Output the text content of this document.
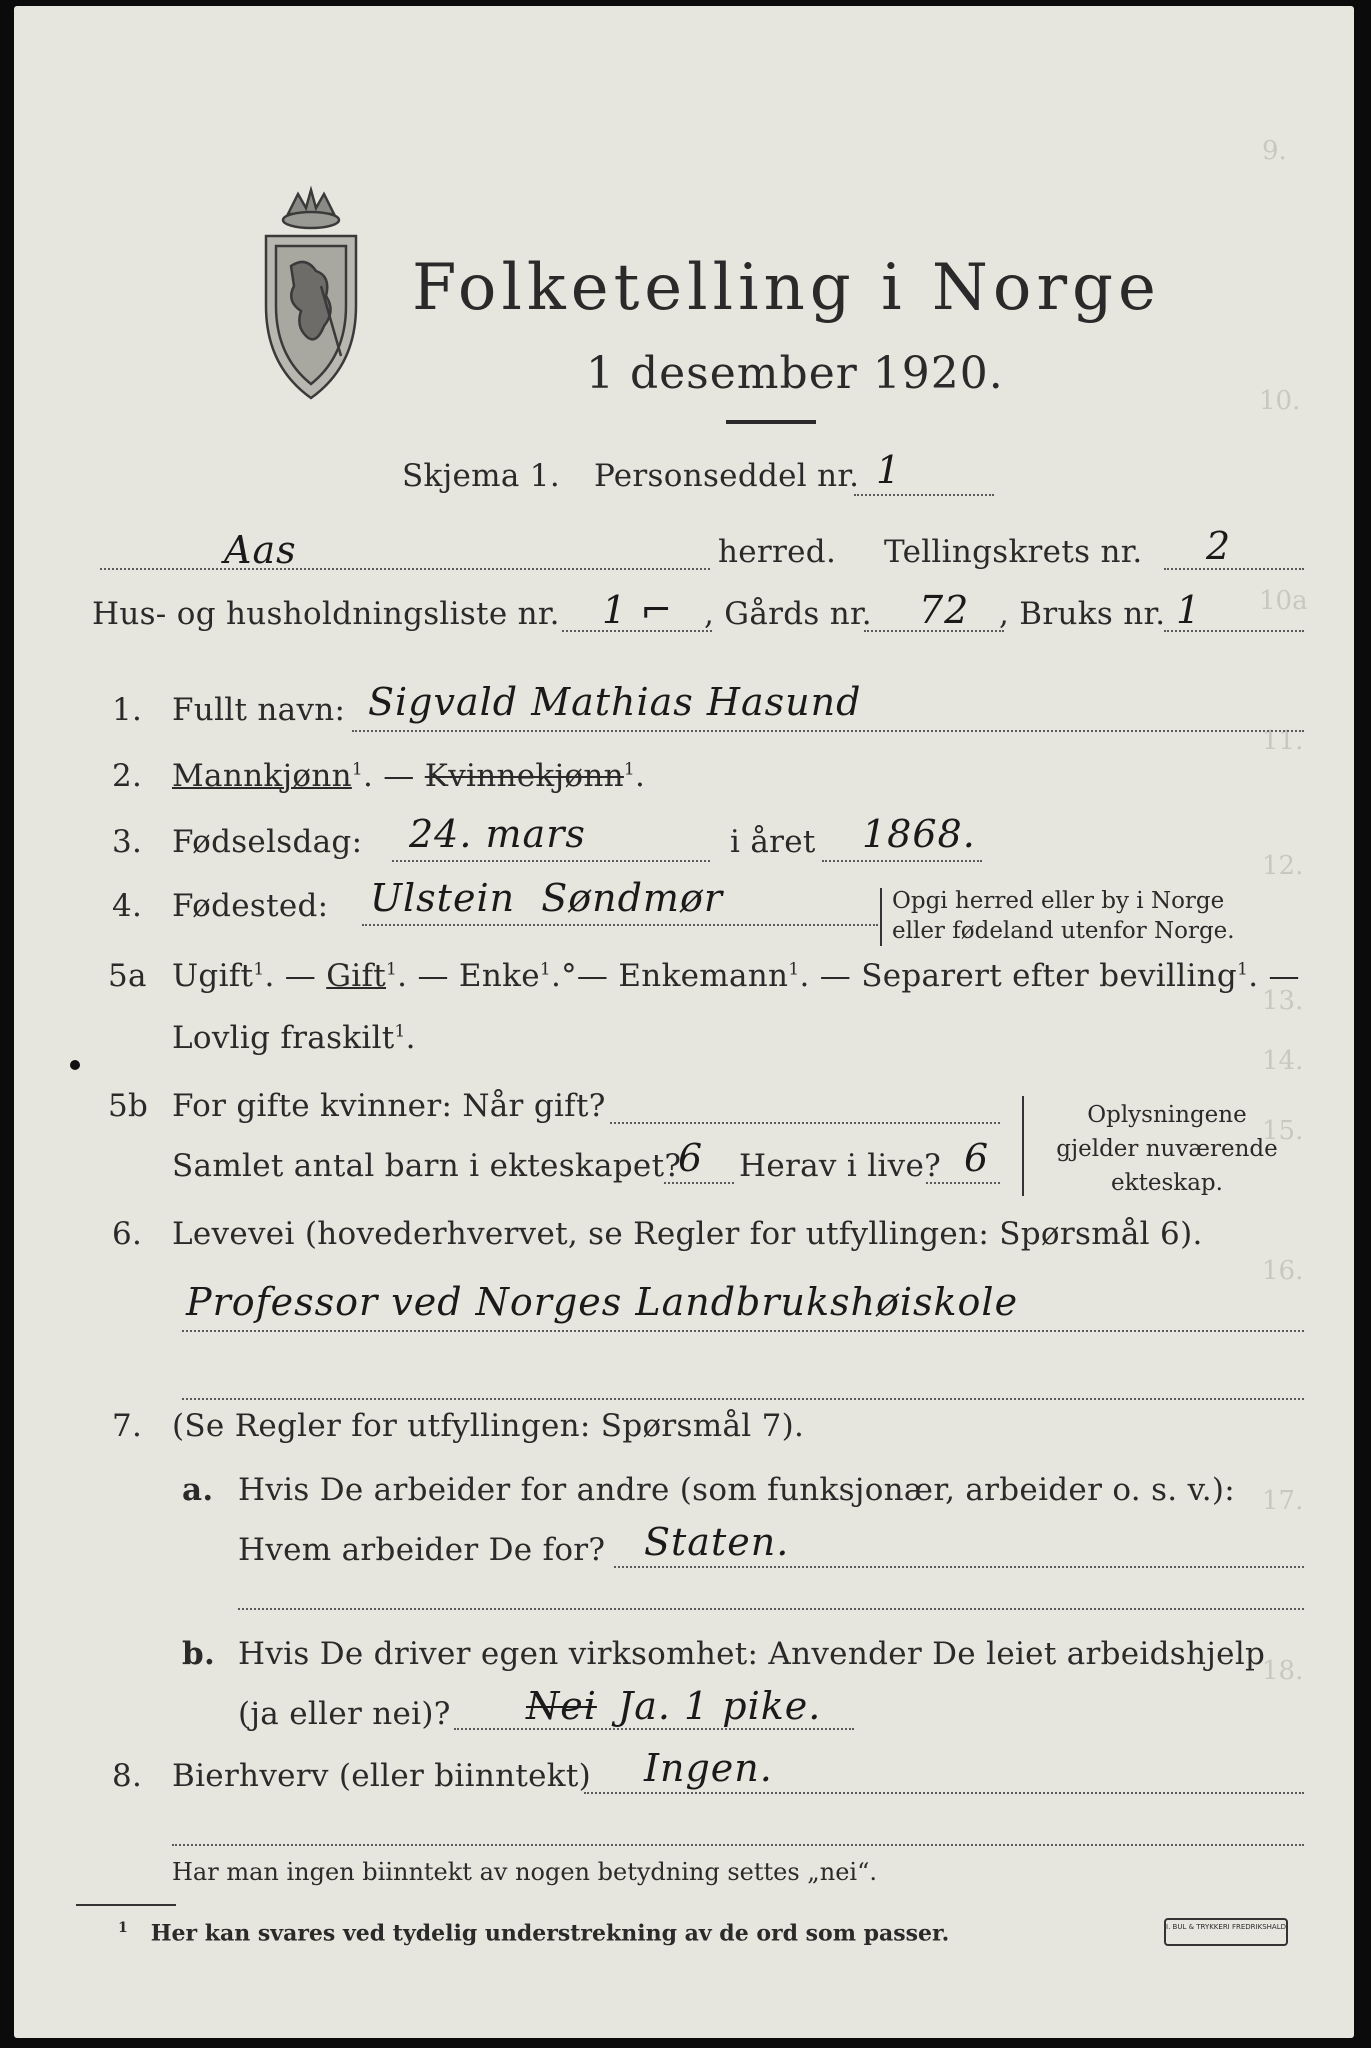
9.
10.
10a
11.
12.
13.
14.
15.
16.
17.
18.
Folketelling i Norge
1 desember 1920.
Skjema 1. Personseddel nr. 1
Aas	herred. Tellingskrets nr. 2
Hus- og husholdningsliste nr. 1 ⌐ , Gårds nr. 72 , Bruks nr. 1
1. Fullt navn: Sigvald Mathias Hasund
2. Mannkjønn$^1$. — Kvinnekjønn$^1$.
3. Fødselsdag: 24. mars	i året 1868.
4. Fødested: Ulstein  Søndmør	Opgi herred eller by i Norge
eller fødeland utenfor Norge.
5a Ugift$^1$. — Gift$^1$. — Enke$^1$.°— Enkemann$^1$. — Separert efter bevilling$^1$. —
Lovlig fraskilt$^1$.
5b For gifte kvinner: Når gift?
Samlet antal barn i ekteskapet?
6 Herav i live? 6
Oplysningene
gjelder nuværende
ekteskap.
6. Levevei (hovederhvervet, se Regler for utfyllingen: Spørsmål 6).
Professor ved Norges Landbrukshøiskole
7. (Se Regler for utfyllingen: Spørsmål 7).
a. Hvis De arbeider for andre (som funksjonær, arbeider o. s. v.):
Hvem arbeider De for? Staten.
b. Hvis De driver egen virksomhet: Anvender De leiet arbeidshjelp
(ja eller nei)? Nei Ja. 1 pike.
8. Bierhverv (eller biinntekt) Ingen.
Har man ingen biinntekt av nogen betydning settes „nei“.
$^1$ Her kan svares ved tydelig understrekning av de ord som passer.	I. BUL & TRYKKERI FREDRIKSHALD
